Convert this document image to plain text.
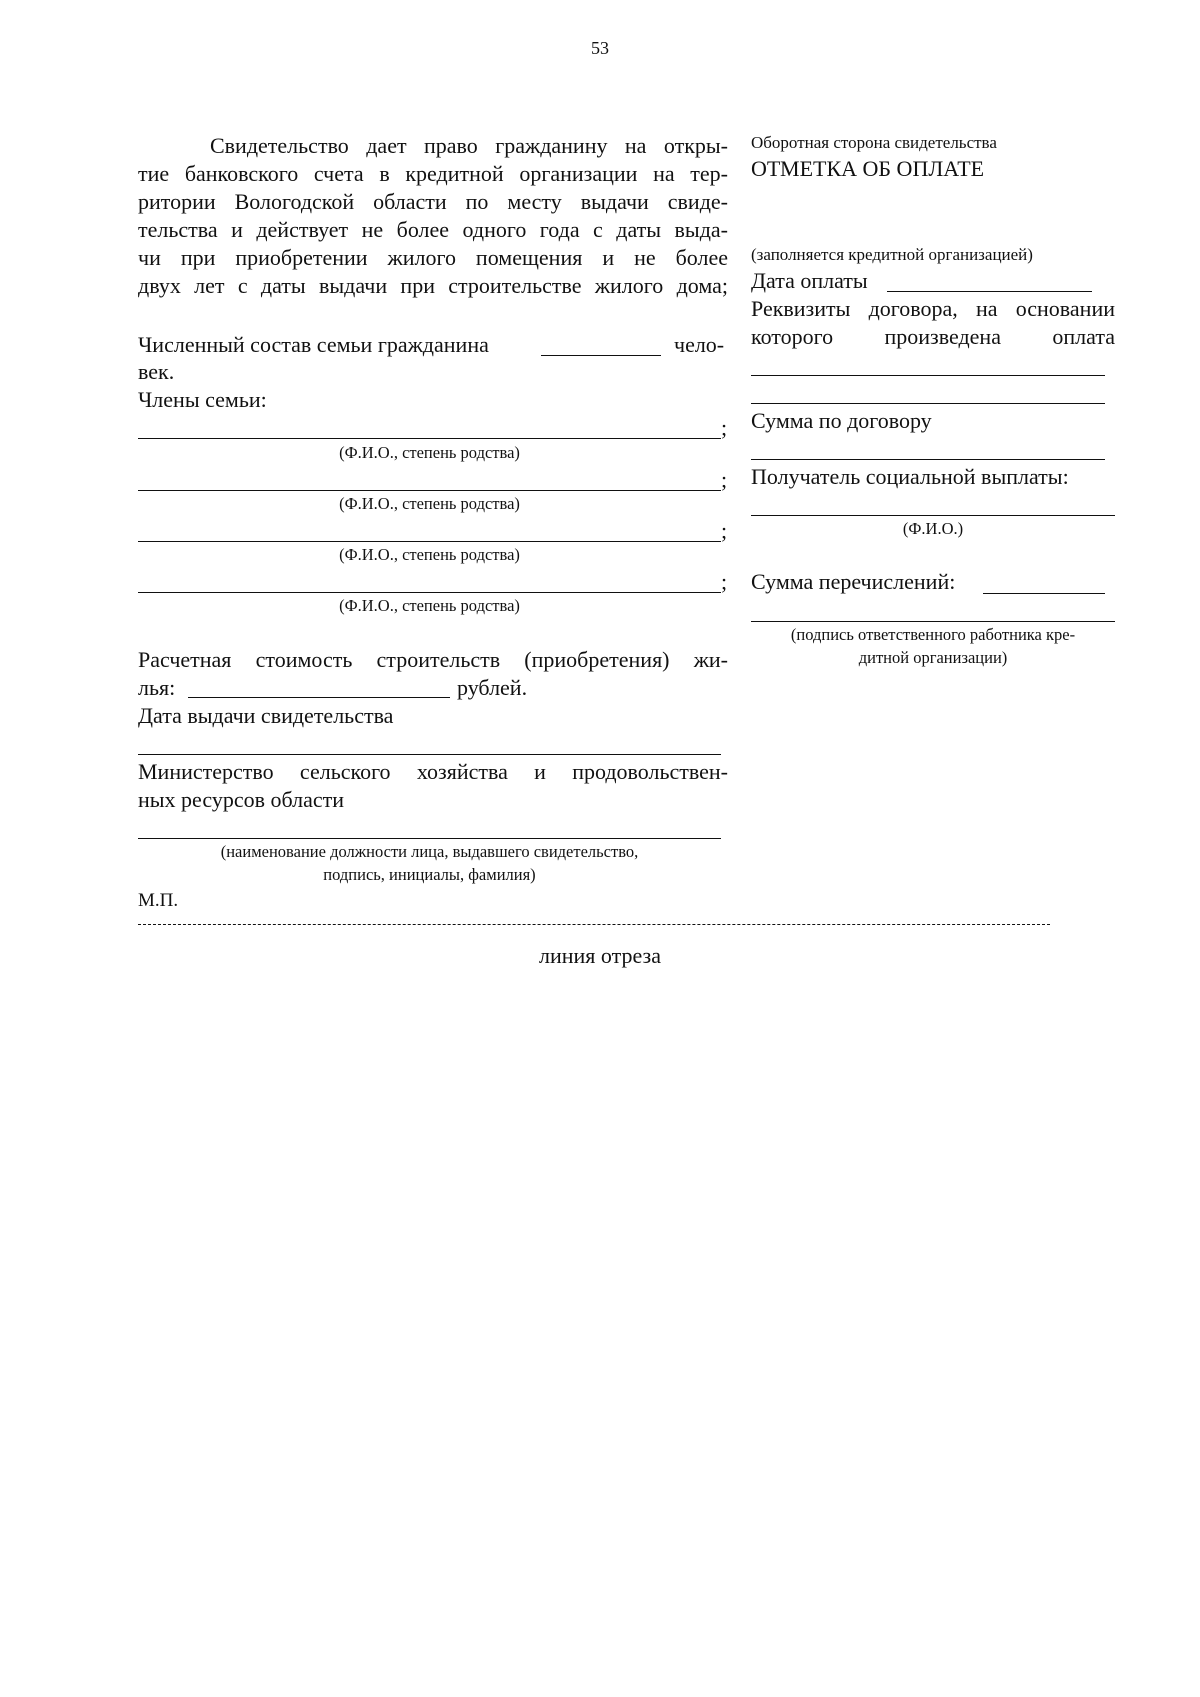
53
Свидетельство дает право гражданину на откры-
тие банковского счета в кредитной организации на тер-
ритории Вологодской области по месту выдачи свиде-
тельства и действует не более одного года с даты выда-
чи при приобретении жилого помещения и не более
двух лет с даты выдачи при строительстве жилого дома;
Численный состав семьи гражданина	чело-
век.
Члены семьи:
;
(Ф.И.О., степень родства)
;
(Ф.И.О., степень родства)
;
(Ф.И.О., степень родства)
;
(Ф.И.О., степень родства)
Расчетная стоимость строительств (приобретения) жи-
лья:	рублей.
Дата выдачи свидетельства
Министерство сельского хозяйства и продовольствен-
ных ресурсов области
(наименование должности лица, выдавшего свидетельство,
подпись, инициалы, фамилия)
М.П.
линия отреза
Оборотная сторона свидетельства
ОТМЕТКА ОБ ОПЛАТЕ
(заполняется кредитной организацией)
Дата оплаты
Реквизиты договора, на основании
которого произведена оплата
Сумма по договору
Получатель социальной выплаты:
(Ф.И.О.)
Сумма перечислений:
(подпись ответственного работника кре-
дитной организации)
